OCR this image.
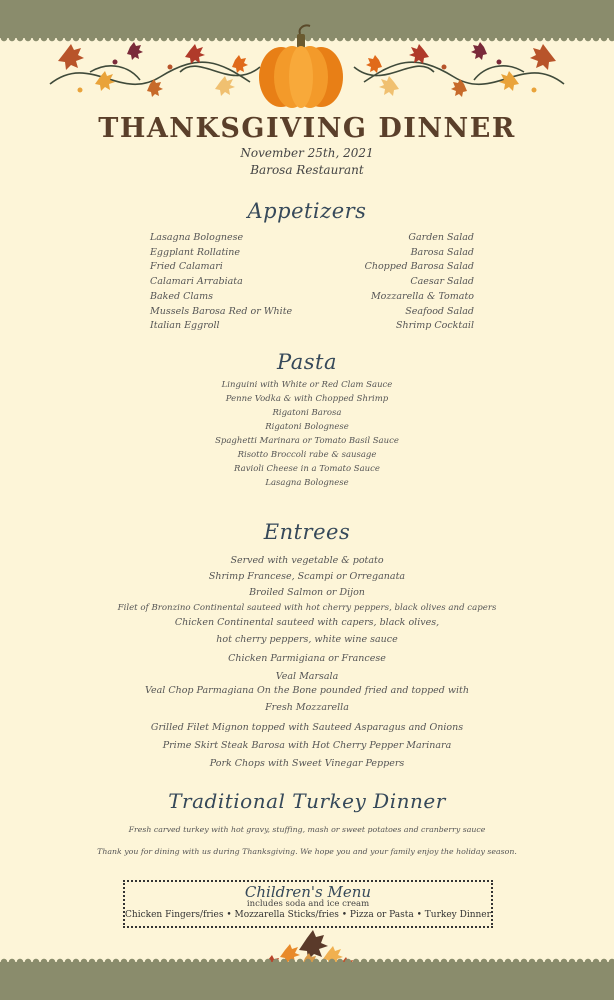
THANKSGIVING DINNER
November 25th, 2021
Barosa Restaurant
Appetizers
Lasagna Bolognese
Eggplant Rollatine
Fried Calamari
Calamari Arrabiata
Baked Clams
Mussels Barosa Red or White
Italian Eggroll
Garden Salad
Barosa Salad
Chopped Barosa Salad
Caesar Salad
Mozzarella & Tomato
Seafood Salad
Shrimp Cocktail
Pasta
Linguini with White or Red Clam Sauce
Penne Vodka & with Chopped Shrimp
Rigatoni Barosa
Rigatoni Bolognese
Spaghetti Marinara or Tomato Basil Sauce
Risotto Broccoli rabe & sausage
Ravioli Cheese in a Tomato Sauce
Lasagna Bolognese
Entrees
Served with vegetable & potato
Shrimp Francese, Scampi or Orreganata
Broiled Salmon or Dijon
Filet of Bronzino Continental sauteed with hot cherry peppers, black olives and capers
Chicken Continental sauteed with capers, black olives,
hot cherry peppers, white wine sauce
Chicken Parmigiana or Francese
Veal Marsala
Veal Chop Parmagiana On the Bone pounded fried and topped with
Fresh Mozzarella
Grilled Filet Mignon topped with Sauteed Asparagus and Onions
Prime Skirt Steak Barosa with Hot Cherry Pepper Marinara
Pork Chops with Sweet Vinegar Peppers
Traditional Turkey Dinner
Fresh carved turkey with hot gravy, stuffing, mash or sweet potatoes and cranberry sauce
Thank you for dining with us during Thanksgiving. We hope you and your family enjoy the holiday season.
Children's Menu
includes soda and ice cream
Chicken Fingers/fries • Mozzarella Sticks/fries • Pizza or Pasta • Turkey Dinner
